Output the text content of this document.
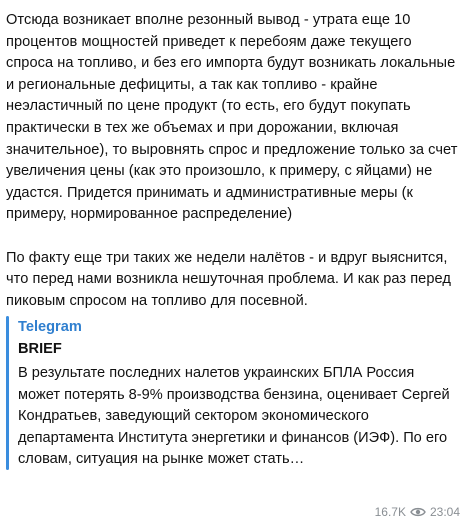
Отсюда возникает вполне резонный вывод - утрата еще 10 процентов мощностей приведет к перебоям даже текущего спроса на топливо, и без его импорта будут возникать локальные и региональные дефициты, а так как топливо - крайне неэластичный по цене продукт (то есть, его будут покупать практически в тех же объемах и при дорожании, включая значительное), то выровнять спрос и предложение только за счет увеличения цены (как это произошло, к примеру, с яйцами) не удастся. Придется принимать и административные меры (к примеру, нормированное распределение)

По факту еще три таких же недели налётов - и вдруг выяснится, что перед нами возникла нешуточная проблема. И как раз перед пиковым спросом на топливо для посевной.

Telegram
BRIEF

В результате последних налетов украинских БПЛА Россия может потерять 8-9% производства бензина, оценивает Сергей Кондратьев, заведующий сектором экономического департамента Института энергетики и финансов (ИЭФ). По его словам, ситуация на рынке может стать…

16.7K 23:04
